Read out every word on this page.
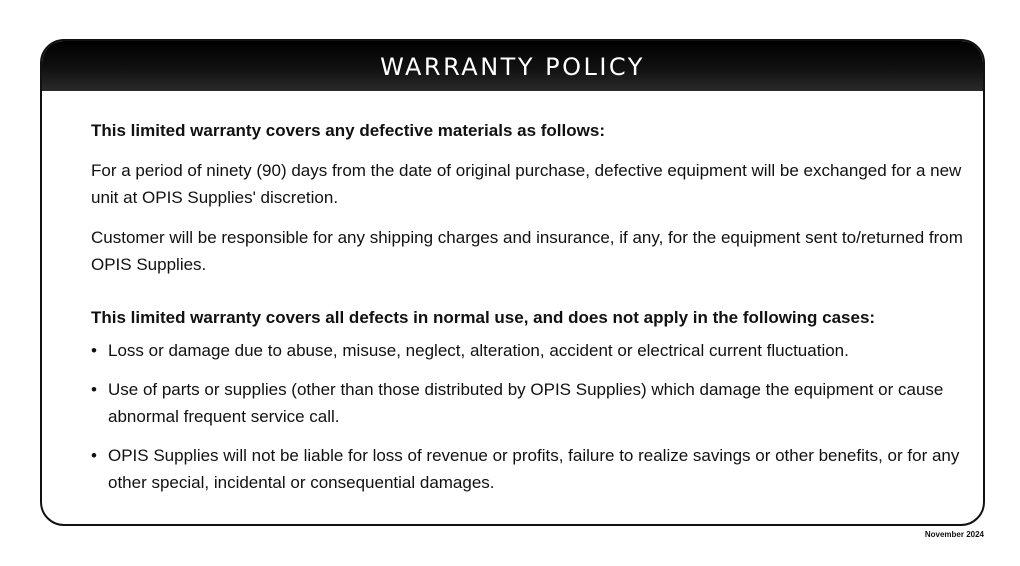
WARRANTY POLICY

This limited warranty covers any defective materials as follows:

For a period of ninety (90) days from the date of original purchase, defective equipment will be exchanged for a new unit at OPIS Supplies' discretion.

Customer will be responsible for any shipping charges and insurance, if any, for the equipment sent to/returned from OPIS Supplies.

This limited warranty covers all defects in normal use, and does not apply in the following cases:

• Loss or damage due to abuse, misuse, neglect, alteration, accident or electrical current fluctuation.
• Use of parts or supplies (other than those distributed by OPIS Supplies) which damage the equipment or cause abnormal frequent service call.
• OPIS Supplies will not be liable for loss of revenue or profits, failure to realize savings or other benefits, or for any other special, incidental or consequential damages.

November 2024
